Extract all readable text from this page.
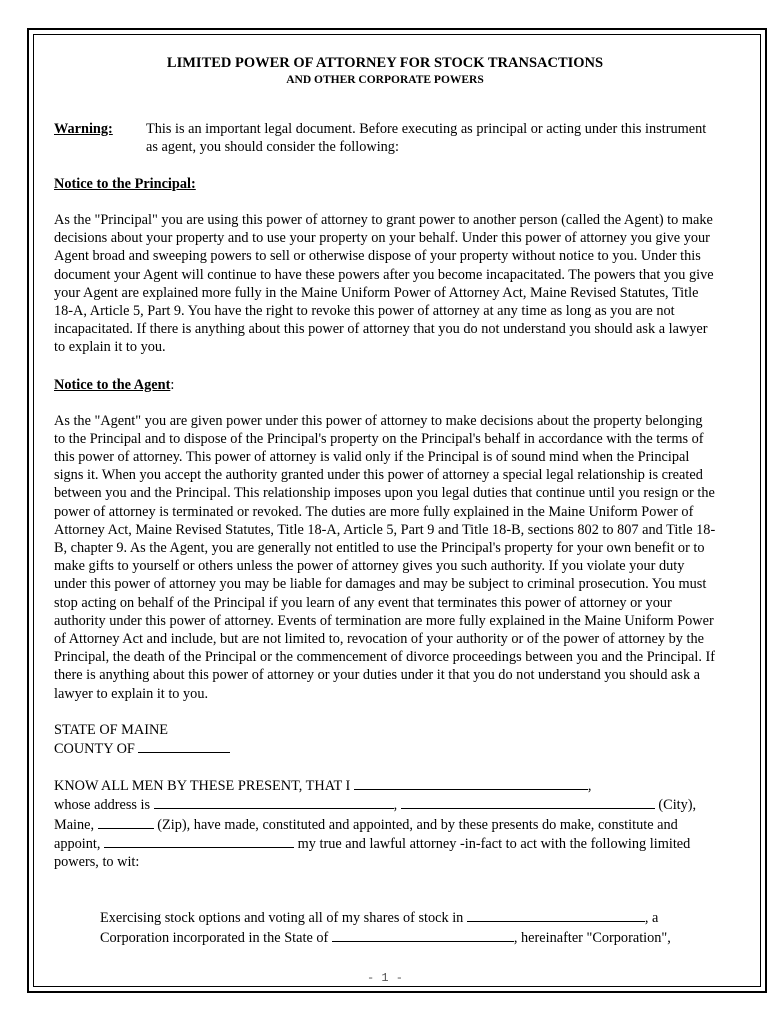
LIMITED POWER OF ATTORNEY FOR STOCK TRANSACTIONS

AND OTHER CORPORATE POWERS

Warning:	This is an important legal document. Before executing as principal or acting under this instrument as agent, you should consider the following:
Notice to the Principal:

As the "Principal" you are using this power of attorney to grant power to another person (called the Agent) to make decisions about your property and to use your property on your behalf. Under this power of attorney you give your Agent broad and sweeping powers to sell or otherwise dispose of your property without notice to you. Under this document your Agent will continue to have these powers after you become incapacitated. The powers that you give your Agent are explained more fully in the Maine Uniform Power of Attorney Act, Maine Revised Statutes, Title 18-A, Article 5, Part 9. You have the right to revoke this power of attorney at any time as long as you are not incapacitated. If there is anything about this power of attorney that you do not understand you should ask a lawyer to explain it to you.

Notice to the Agent:

As the "Agent" you are given power under this power of attorney to make decisions about the property belonging to the Principal and to dispose of the Principal's property on the Principal's behalf in accordance with the terms of this power of attorney. This power of attorney is valid only if the Principal is of sound mind when the Principal signs it. When you accept the authority granted under this power of attorney a special legal relationship is created between you and the Principal. This relationship imposes upon you legal duties that continue until you resign or the power of attorney is terminated or revoked. The duties are more fully explained in the Maine Uniform Power of Attorney Act, Maine Revised Statutes, Title 18-A, Article 5, Part 9 and Title 18-B, sections 802 to 807 and Title 18-B, chapter 9. As the Agent, you are generally not entitled to use the Principal's property for your own benefit or to make gifts to yourself or others unless the power of attorney gives you such authority. If you violate your duty under this power of attorney you may be liable for damages and may be subject to criminal prosecution. You must stop acting on behalf of the Principal if you learn of any event that terminates this power of attorney or your authority under this power of attorney. Events of termination are more fully explained in the Maine Uniform Power of Attorney Act and include, but are not limited to, revocation of your authority or of the power of attorney by the Principal, the death of the Principal or the commencement of divorce proceedings between you and the Principal. If there is anything about this power of attorney or your duties under it that you do not understand you should ask a lawyer to explain it to you.

STATE OF MAINE
COUNTY OF

KNOW ALL MEN BY THESE PRESENT, THAT I	,
whose address is	,	(City),
Maine,	(Zip), have made, constituted and appointed, and by these presents do make, constitute and
appoint,	my true and lawful attorney -in-fact to act with the following limited
powers, to wit:

Exercising stock options and voting all of my shares of stock in	, a
Corporation incorporated in the State of	, hereinafter "Corporation",

- 1 -
